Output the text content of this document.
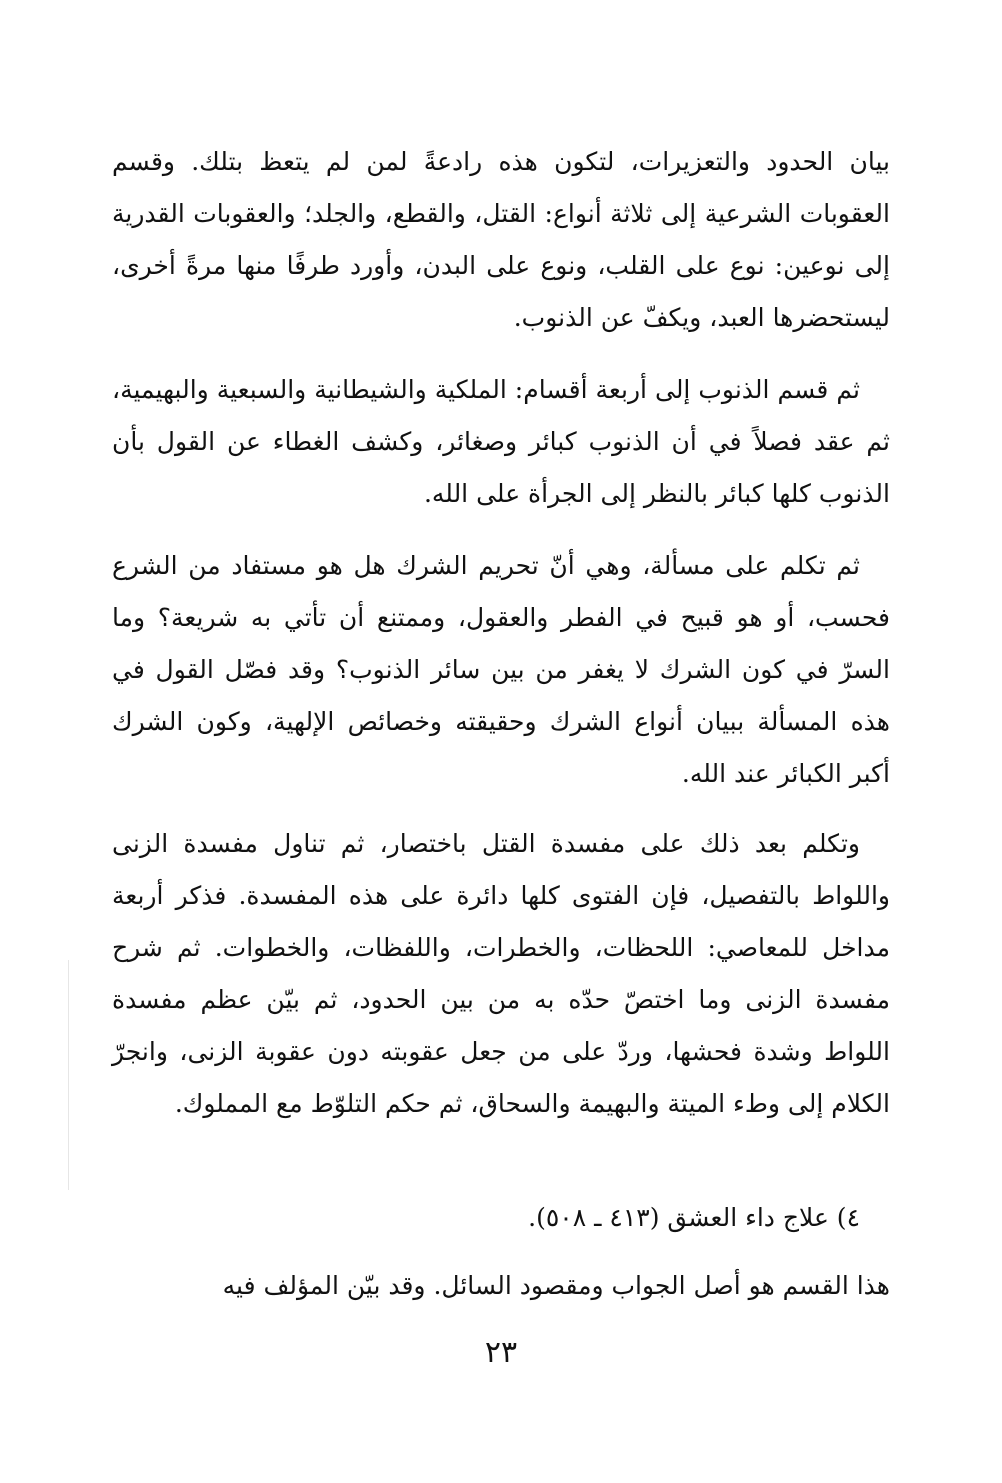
بيان الحدود والتعزيرات، لتكون هذه رادعةً لمن لم يتعظ بتلك. وقسم العقوبات الشرعية إلى ثلاثة أنواع: القتل، والقطع، والجلد؛ والعقوبات القدرية إلى نوعين: نوع على القلب، ونوع على البدن، وأورد طرفًا منها مرةً أخرى، ليستحضرها العبد، ويكفّ عن الذنوب.

ثم قسم الذنوب إلى أربعة أقسام: الملكية والشيطانية والسبعية والبهيمية، ثم عقد فصلاً في أن الذنوب كبائر وصغائر، وكشف الغطاء عن القول بأن الذنوب كلها كبائر بالنظر إلى الجرأة على الله.

ثم تكلم على مسألة، وهي أنّ تحريم الشرك هل هو مستفاد من الشرع فحسب، أو هو قبيح في الفطر والعقول، وممتنع أن تأتي به شريعة؟ وما السرّ في كون الشرك لا يغفر من بين سائر الذنوب؟ وقد فصّل القول في هذه المسألة ببيان أنواع الشرك وحقيقته وخصائص الإلهية، وكون الشرك أكبر الكبائر عند الله.

وتكلم بعد ذلك على مفسدة القتل باختصار، ثم تناول مفسدة الزنى واللواط بالتفصيل، فإن الفتوى كلها دائرة على هذه المفسدة. فذكر أربعة مداخل للمعاصي: اللحظات، والخطرات، واللفظات، والخطوات. ثم شرح مفسدة الزنى وما اختصّ حدّه به من بين الحدود، ثم بيّن عظم مفسدة اللواط وشدة فحشها، وردّ على من جعل عقوبته دون عقوبة الزنى، وانجرّ الكلام إلى وطء الميتة والبهيمة والسحاق، ثم حكم التلوّط مع المملوك.

٤) علاج داء العشق (٤١٣ ـ ٥٠٨).

هذا القسم هو أصل الجواب ومقصود السائل. وقد بيّن المؤلف فيه

٢٣
